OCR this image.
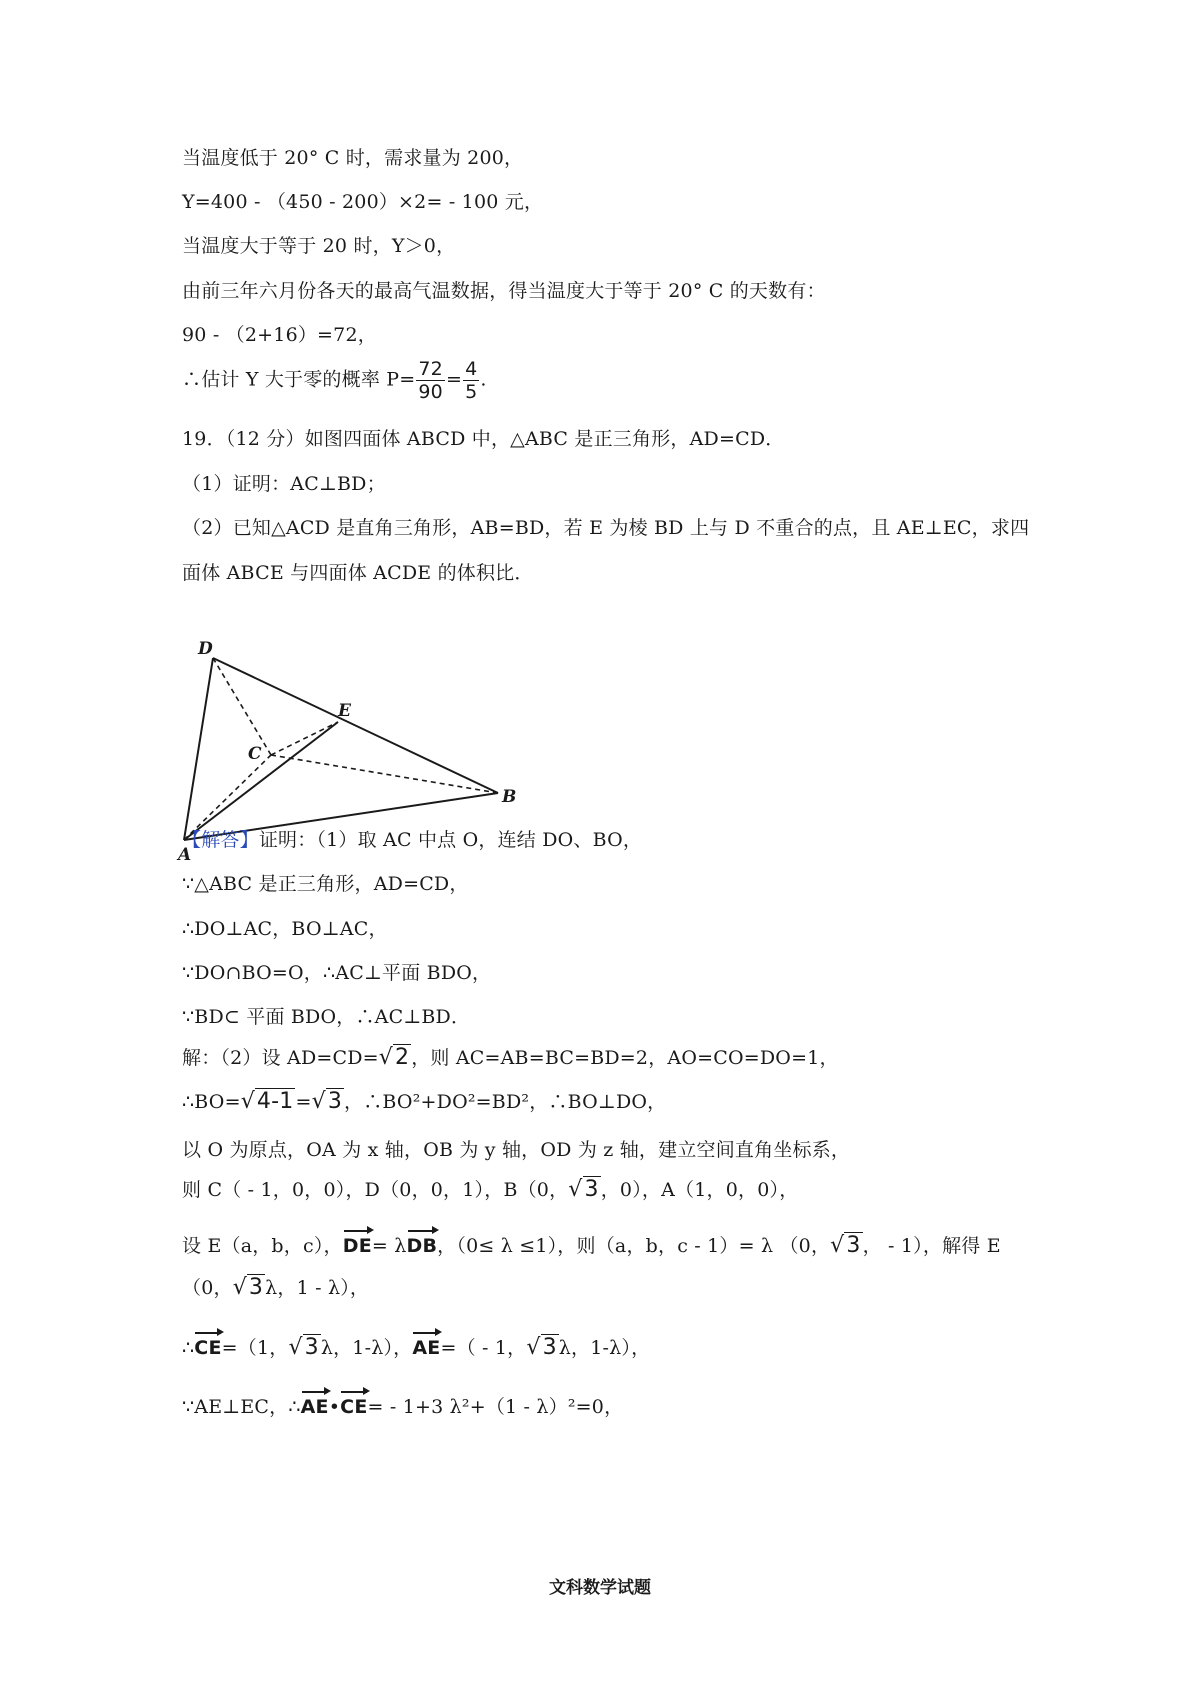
当温度低于 20° C 时，需求量为 200，
Y=400 - （450 - 200）×2= - 100 元，
当温度大于等于 20 时，Y＞0，
由前三年六月份各天的最高气温数据，得当温度大于等于 20° C 的天数有：
90 - （2+16）=72，
∴估计 Y 大于零的概率 $P= \frac{72}{90} = \frac{4}{5}$ .
19．（12 分）如图四面体 ABCD 中，△ABC 是正三角形，AD=CD．
（1）证明：AC⊥BD；
（2）已知△ACD 是直角三角形，AB=BD，若 E 为棱 BD 上与 D 不重合的点，且 AE⊥EC，求四
面体 ABCE 与四面体 ACDE 的体积比．
D
E
C
B
A
【解答】证明：（1）取 AC 中点 O，连结 DO、BO，
∵△ABC 是正三角形，AD=CD，
∴DO⊥AC，BO⊥AC，
∵DO∩BO=O，∴AC⊥平面 BDO，
∵BD⊂ 平面 BDO，∴AC⊥BD．
解：（2）设 AD=CD=√2 ，则 AC=AB=BC=BD=2，AO=CO=DO=1，
∴BO=√4-1 =√3 ，∴BO²+DO²=BD²，∴BO⊥DO，
以 O 为原点，OA 为 x 轴，OB 为 y 轴，OD 为 z 轴，建立空间直角坐标系，
则 C（ - 1，0，0），D（0，0，1），B（0，√3 ，0），A（1，0，0），
设 E（a，b，c），DE= λDB，（0≤ λ ≤1），则（a，b，c - 1）= λ （0，√3 ， - 1），解得 E
（0，√3 λ，1 - λ），
∴CE=（1，√3 λ，1-λ），AE=（ - 1，√3 λ，1-λ），
∵AE⊥EC，∴AE•CE= - 1+3 λ²+（1 - λ）²=0，
文科数学试题
